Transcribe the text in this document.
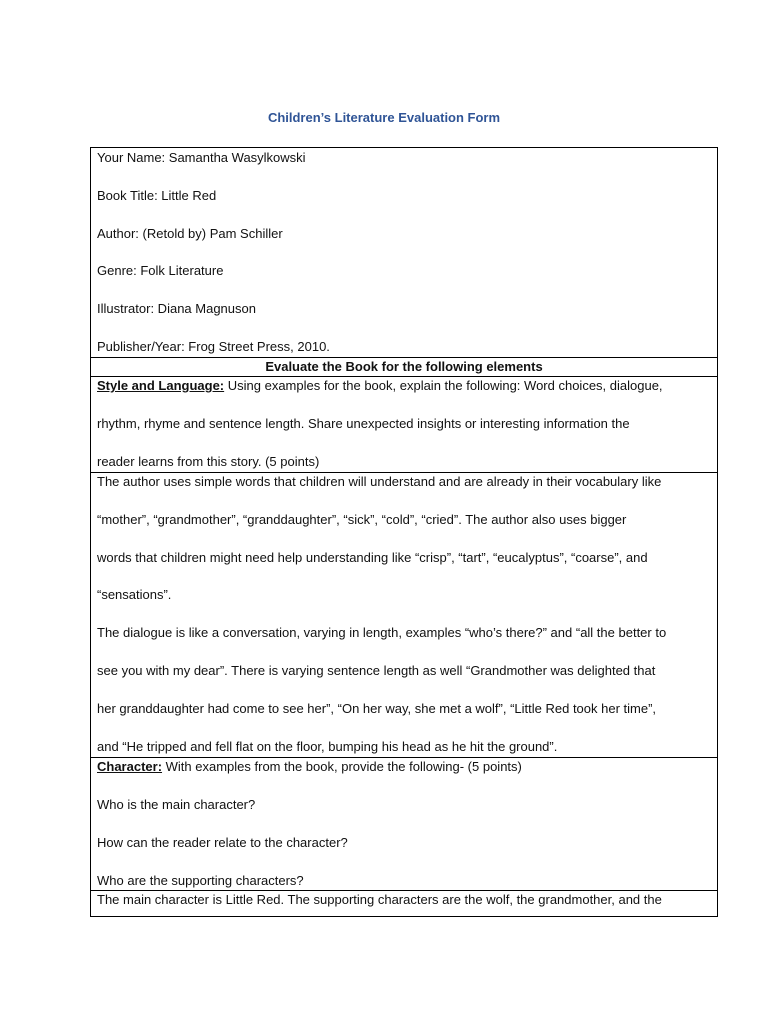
Children’s Literature Evaluation Form
Your Name: Samantha Wasylkowski
Book Title: Little Red
Author: (Retold by) Pam Schiller
Genre: Folk Literature
Illustrator: Diana Magnuson
Publisher/Year: Frog Street Press, 2010.
Evaluate the Book for the following elements
Style and Language: Using examples for the book, explain the following: Word choices, dialogue,
rhythm, rhyme and sentence length. Share unexpected insights or interesting information the
reader learns from this story. (5 points)
The author uses simple words that children will understand and are already in their vocabulary like
“mother”, “grandmother”, “granddaughter”, “sick”, “cold”, “cried”. The author also uses bigger
words that children might need help understanding like “crisp”, “tart”, “eucalyptus”, “coarse”, and
“sensations”.
The dialogue is like a conversation, varying in length, examples “who’s there?” and “all the better to
see you with my dear”. There is varying sentence length as well “Grandmother was delighted that
her granddaughter had come to see her”, “On her way, she met a wolf”, “Little Red took her time”,
and “He tripped and fell flat on the floor, bumping his head as he hit the ground”.
Character: With examples from the book, provide the following- (5 points)
Who is the main character?
How can the reader relate to the character?
Who are the supporting characters?
The main character is Little Red. The supporting characters are the wolf, the grandmother, and the
